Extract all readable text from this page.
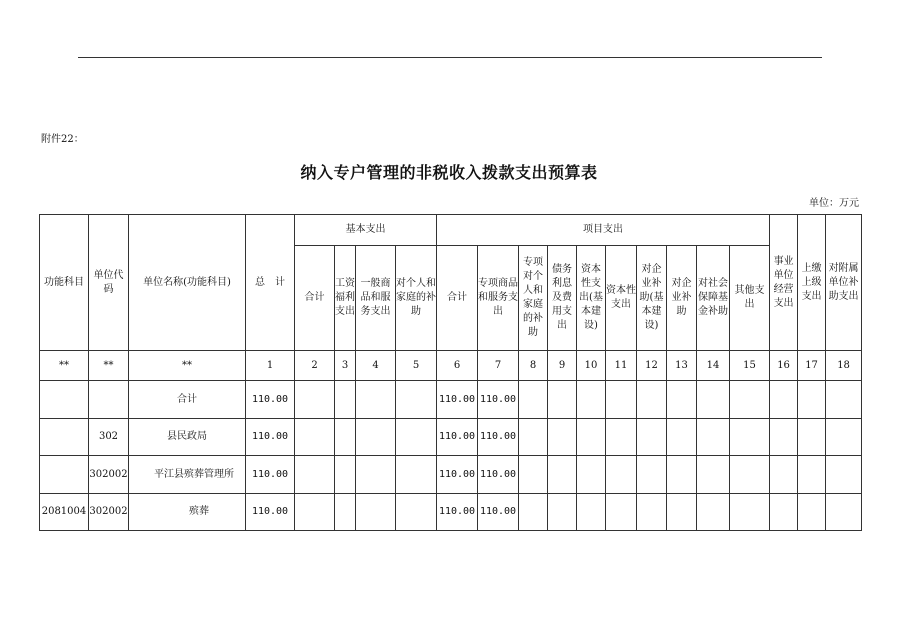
附件22：
纳入专户管理的非税收入拨款支出预算表
单位：万元
功能科目	单位代码	单位名称(功能科目)	总　计	基本支出				项目支出										事业单位经营支出	上缴上级支出	对附属单位补助支出
				合计	工资福利支出	一般商品和服务支出	对个人和家庭的补助	合计	专项商品和服务支出	专项对个人和家庭的补助	债务利息及费用支出	资本性支出(基本建设)	资本性支出	对企业补助(基本建设)	对企业补助	对社会保障基金补助	其他支出			
**	**	**	1	2	3	4	5	6	7	8	9	10	11	12	13	14	15	16	17	18
		合计	110.00					110.00	110.00											
	302	县民政局	110.00					110.00	110.00											
	302002	平江县殡葬管理所	110.00					110.00	110.00											
2081004	302002	殡葬	110.00					110.00	110.00											
